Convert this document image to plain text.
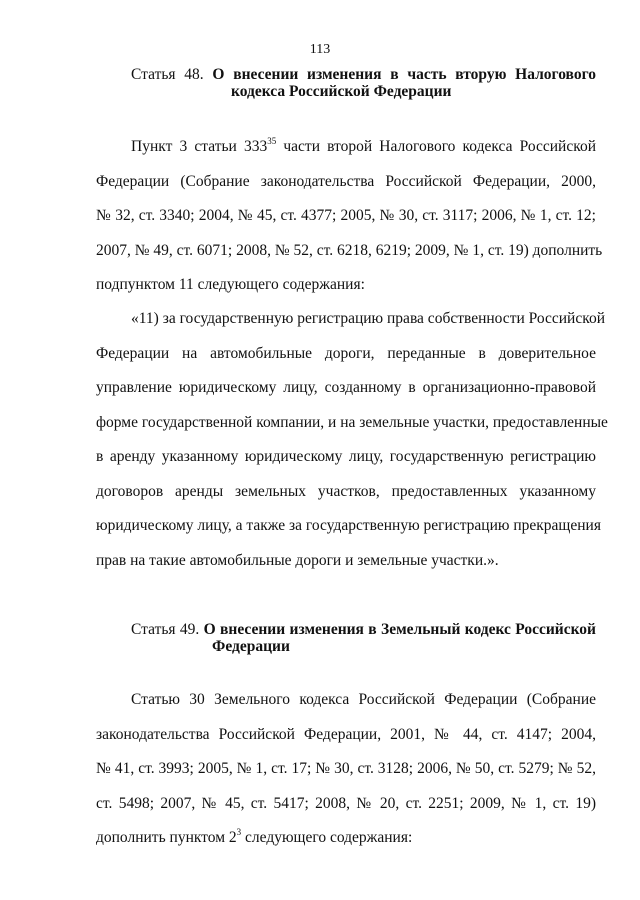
113
Статья 48. О внесении изменения в часть вторую Налогового
кодекса Российской Федерации
Пункт 3 статьи $333^{35}$ части второй Налогового кодекса Российской
Федерации (Собрание законодательства Российской Федерации, 2000,
№ 32, ст. 3340; 2004, № 45, ст. 4377; 2005, № 30, ст. 3117; 2006, № 1, ст. 12;
2007, № 49, ст. 6071; 2008, № 52, ст. 6218, 6219; 2009, № 1, ст. 19) дополнить
подпунктом 11 следующего содержания:
«11) за государственную регистрацию права собственности Российской
Федерации на автомобильные дороги, переданные в доверительное
управление юридическому лицу, созданному в организационно-правовой
форме государственной компании, и на земельные участки, предоставленные
в аренду указанному юридическому лицу, государственную регистрацию
договоров аренды земельных участков, предоставленных указанному
юридическому лицу, а также за государственную регистрацию прекращения
прав на такие автомобильные дороги и земельные участки.».
Статья 49. О внесении изменения в Земельный кодекс Российской
Федерации
Статью 30 Земельного кодекса Российской Федерации (Собрание
законодательства Российской Федерации, 2001, № 44, ст. 4147; 2004,
№ 41, ст. 3993; 2005, № 1, ст. 17; № 30, ст. 3128; 2006, № 50, ст. 5279; № 52,
ст. 5498; 2007, № 45, ст. 5417; 2008, № 20, ст. 2251; 2009, № 1, ст. 19)
дополнить пунктом $2^3$ следующего содержания:
